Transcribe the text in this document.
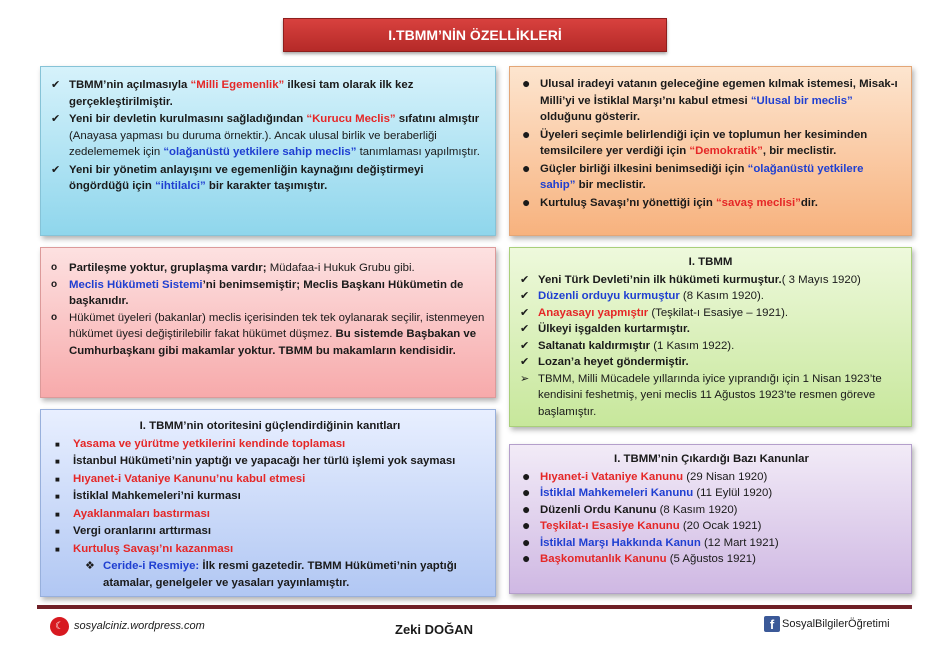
I.TBMM’NİN ÖZELLİKLERİ
✔ TBMM’nin açılmasıyla “Milli Egemenlik” ilkesi tam olarak ilk kez gerçekleştirilmiştir.
✔ Yeni bir devletin kurulmasını sağladığından “Kurucu Meclis” sıfatını almıştır (Anayasa yapması bu duruma örnektir.). Ancak ulusal birlik ve beraberliği zedelememek için “olağanüstü yetkilere sahip meclis” tanımlaması yapılmıştır.
✔ Yeni bir yönetim anlayışını ve egemenliğin kaynağını değiştirmeyi öngördüğü için “ihtilalci” bir karakter taşımıştır.
● Ulusal iradeyi vatanın geleceğine egemen kılmak istemesi, Misak-ı Milli’yi ve İstiklal Marşı’nı kabul etmesi “Ulusal bir meclis” olduğunu gösterir.
● Üyeleri seçimle belirlendiği için ve toplumun her kesiminden temsilcilere yer verdiği için “Demokratik”, bir meclistir.
● Güçler birliği ilkesini benimsediği için “olağanüstü yetkilere sahip” bir meclistir.
● Kurtuluş Savaşı’nı yönettiği için “savaş meclisi”dir.
o	Partileşme yoktur, gruplaşma vardır; Müdafaa-i Hukuk Grubu gibi.
o	Meclis Hükümeti Sistemi’ni benimsemiştir; Meclis Başkanı Hükümetin de başkanıdır.
o	Hükümet üyeleri (bakanlar) meclis içerisinden tek tek oylanarak seçilir, istenmeyen hükümet üyesi değiştirilebilir fakat hükümet düşmez. Bu sistemde Başbakan ve Cumhurbaşkanı gibi makamlar yoktur. TBMM bu makamların kendisidir.
I. TBMM
✔ Yeni Türk Devleti’nin ilk hükümeti kurmuştur.( 3 Mayıs 1920)
✔ Düzenli orduyu kurmuştur (8 Kasım 1920).
✔ Anayasayı yapmıştır (Teşkilat-ı Esasiye – 1921).
✔ Ülkeyi işgalden kurtarmıştır.
✔ Saltanatı kaldırmıştır (1 Kasım 1922).
✔ Lozan’a heyet göndermiştir.
➢ TBMM, Milli Mücadele yıllarında iyice yıprandığı için 1 Nisan 1923’te kendisini feshetmiş, yeni meclis 11 Ağustos 1923’te resmen göreve başlamıştır.
I. TBMM’nin otoritesini güçlendirdiğinin kanıtları
■	Yasama ve yürütme yetkilerini kendinde toplaması
■	İstanbul Hükümeti’nin yaptığı ve yapacağı her türlü işlemi yok sayması
■	Hıyanet-i Vataniye Kanunu’nu kabul etmesi
■	İstiklal Mahkemeleri’ni kurması
■	Ayaklanmaları bastırması
■	Vergi oranlarını arttırması
■	Kurtuluş Savaşı’nı kazanması
❖ Ceride-i Resmiye: İlk resmi gazetedir. TBMM Hükümeti’nin yaptığı atamalar, genelgeler ve yasaları yayınlamıştır.
I. TBMM’nin Çıkardığı Bazı Kanunlar
● Hıyanet-i Vataniye Kanunu (29 Nisan 1920)
● İstiklal Mahkemeleri Kanunu (11 Eylül 1920)
● Düzenli Ordu Kanunu (8 Kasım 1920)
● Teşkilat-ı Esasiye Kanunu (20 Ocak 1921)
● İstiklal Marşı Hakkında Kanun (12 Mart 1921)
● Başkomutanlık Kanunu (5 Ağustos 1921)
☾ sosyalciniz.wordpress.com	Zeki DOĞAN	f SosyalBilgilerÖğretimi
